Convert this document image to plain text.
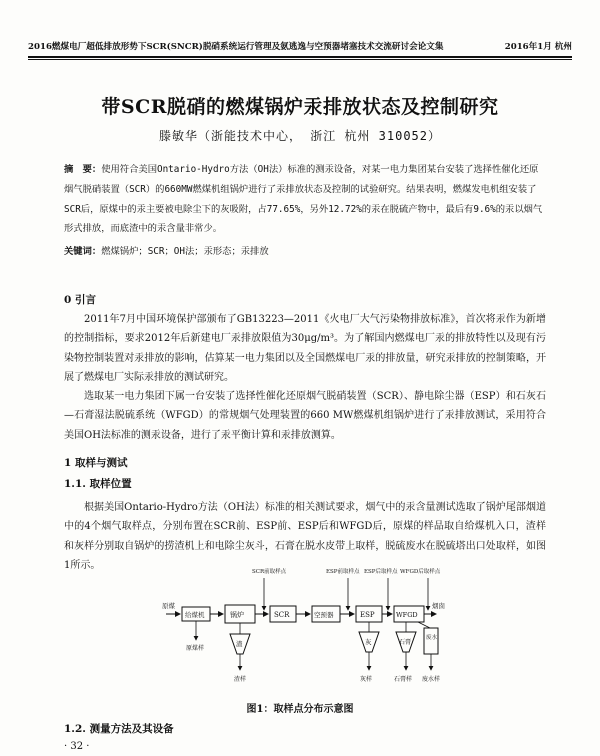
2016燃煤电厂超低排放形势下SCR(SNCR)脱硝系统运行管理及氨逃逸与空预器堵塞技术交流研讨会论文集	2016年1月 杭州
带SCR脱硝的燃煤锅炉汞排放状态及控制研究
滕敏华（浙能技术中心， 浙江 杭州 310052）
摘　要：使用符合美国Ontario-Hydro方法（OH法）标准的测汞设备，对某一电力集团某台安装了选择性催化还原烟气脱硝装置（SCR）的660MW燃煤机组锅炉进行了汞排放状态及控制的试验研究。结果表明，燃煤发电机组安装了SCR后，原煤中的汞主要被电除尘下的灰吸附，占77.65%，另外12.72%的汞在脱硫产物中，最后有9.6%的汞以烟气形式排放，而底渣中的汞含量非常少。
关键词：燃煤锅炉；SCR；OH法；汞形态；汞排放
0 引言
2011年7月中国环境保护部颁布了GB13223—2011《火电厂大气污染物排放标准》，首次将汞作为新增的控制指标，要求2012年后新建电厂汞排放限值为30μg/m³。为了解国内燃煤电厂汞的排放特性以及现有污染物控制装置对汞排放的影响，估算某一电力集团以及全国燃煤电厂汞的排放量，研究汞排放的控制策略，开展了燃煤电厂实际汞排放的测试研究。
选取某一电力集团下属一台安装了选择性催化还原烟气脱硝装置（SCR）、静电除尘器（ESP）和石灰石—石膏湿法脱硫系统（WFGD）的常规烟气处理装置的660 MW燃煤机组锅炉进行了汞排放测试，采用符合美国OH法标准的测汞设备，进行了汞平衡计算和汞排放测算。
1 取样与测试
1.1. 取样位置
根据美国Ontario-Hydro方法（OH法）标准的相关测试要求，烟气中的汞含量测试选取了锅炉尾部烟道中的4个烟气取样点，分别布置在SCR前、ESP前、ESP后和WFGD后，原煤的样品取自给煤机入口，渣样和灰样分别取自锅炉的捞渣机上和电除尘灰斗，石膏在脱水皮带上取样，脱硫废水在脱硫塔出口处取样，如图1所示。
原煤
给煤机	锅炉	SCR	空预器	ESP	WFGD
烟囱
SCR前取样点	ESP前取样点 ESP后取样点 WFGD后取样点
原煤样
渣
渣样
灰
灰样
石膏
石膏样
废水
废水样
图1：取样点分布示意图
1.2. 测量方法及其设备
· 32 ·
